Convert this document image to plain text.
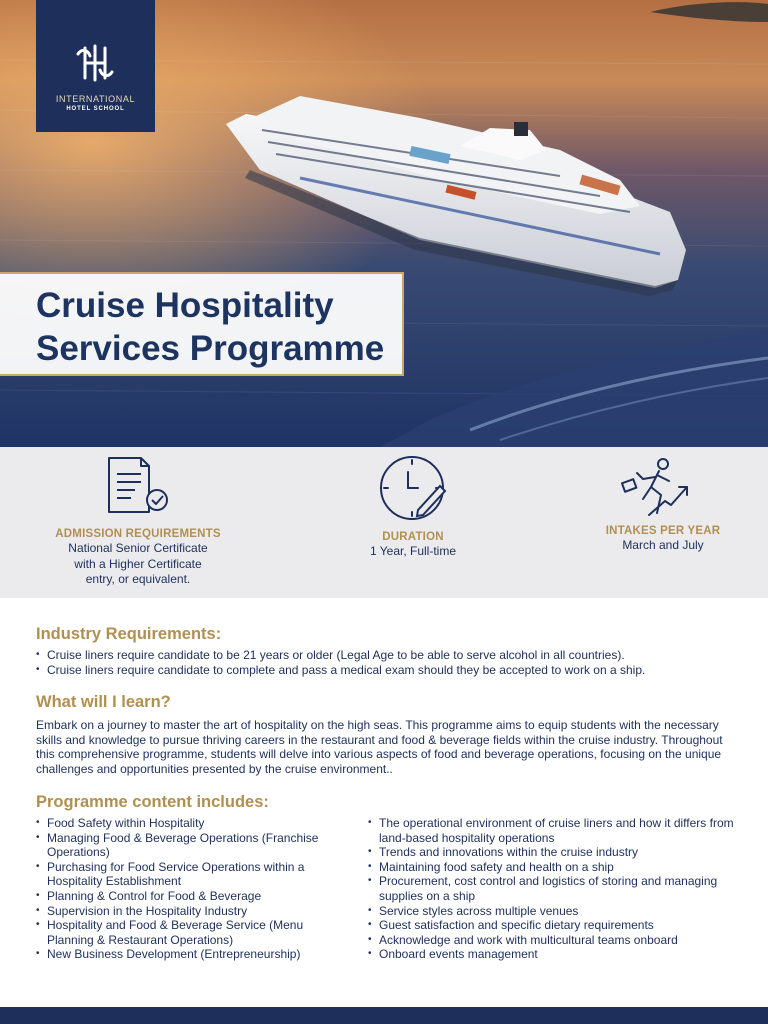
INTERNATIONAL
HOTEL SCHOOL
Cruise Hospitality
Services Programme
ADMISSION REQUIREMENTS
National Senior Certificate
with a Higher Certificate
entry, or equivalent.
DURATION
1 Year, Full-time
INTAKES PER YEAR
March and July
Industry Requirements:
• Cruise liners require candidate to be 21 years or older (Legal Age to be able to serve alcohol in all countries).
• Cruise liners require candidate to complete and pass a medical exam should they be accepted to work on a ship.
What will I learn?
Embark on a journey to master the art of hospitality on the high seas. This programme aims to equip students with the necessary skills and knowledge to pursue thriving careers in the restaurant and food & beverage fields within the cruise industry. Throughout this comprehensive programme, students will delve into various aspects of food and beverage operations, focusing on the unique challenges and opportunities presented by the cruise environment..
Programme content includes:
• Food Safety within Hospitality
• Managing Food & Beverage Operations (Franchise Operations)
• Purchasing for Food Service Operations within a Hospitality Establishment
• Planning & Control for Food & Beverage
• Supervision in the Hospitality Industry
• Hospitality and Food & Beverage Service (Menu Planning & Restaurant Operations)
• New Business Development (Entrepreneurship)
• The operational environment of cruise liners and how it differs from land-based hospitality operations
• Trends and innovations within the cruise industry
• Maintaining food safety and health on a ship
• Procurement, cost control and logistics of storing and managing supplies on a ship
• Service styles across multiple venues
• Guest satisfaction and specific dietary requirements
• Acknowledge and work with multicultural teams onboard
• Onboard events management
